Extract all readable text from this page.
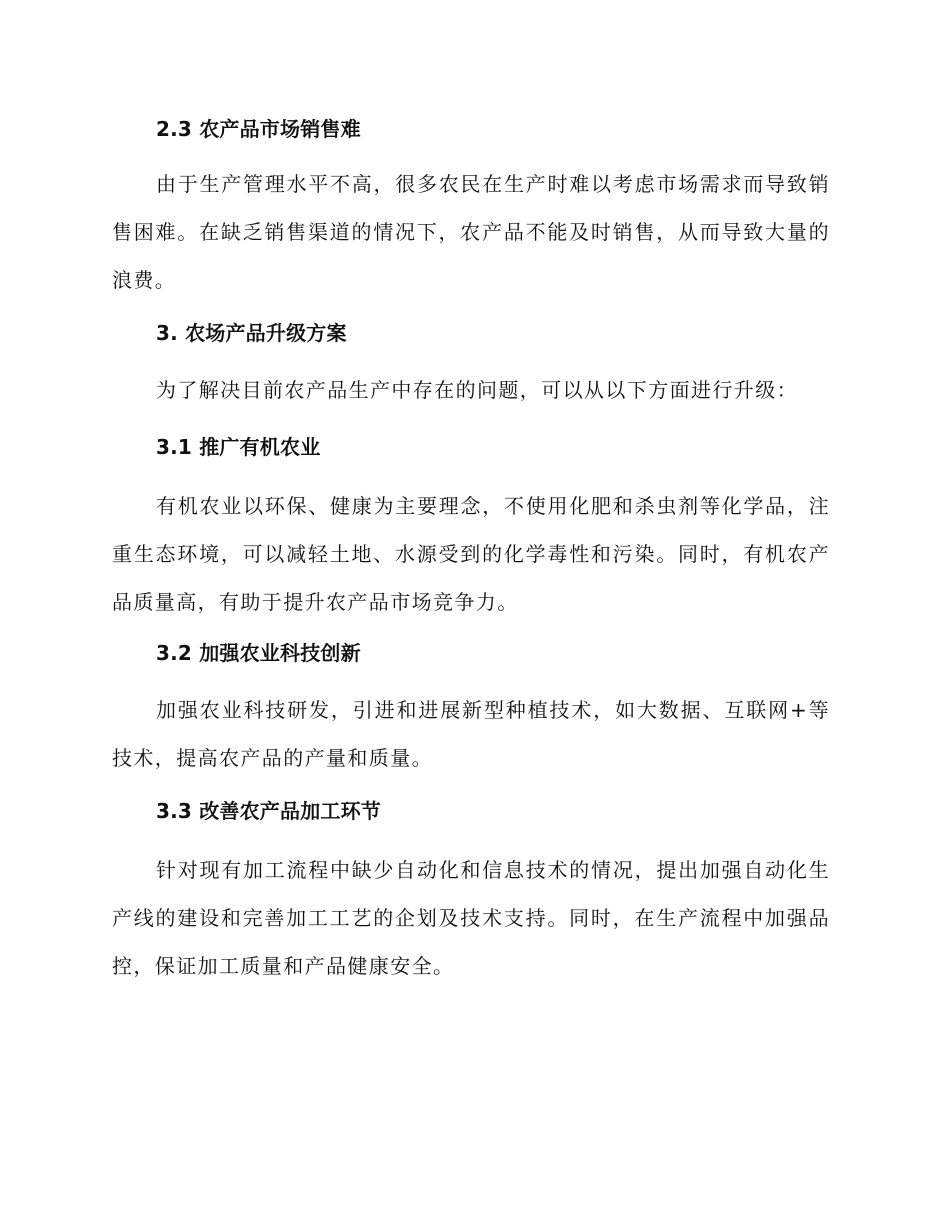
2.3 农产品市场销售难

由于生产管理水平不高，很多农民在生产时难以考虑市场需求而导致销售困难。在缺乏销售渠道的情况下，农产品不能及时销售，从而导致大量的浪费。

3. 农场产品升级方案

为了解决目前农产品生产中存在的问题，可以从以下方面进行升级：

3.1 推广有机农业

有机农业以环保、健康为主要理念，不使用化肥和杀虫剂等化学品，注重生态环境，可以减轻土地、水源受到的化学毒性和污染。同时，有机农产品质量高，有助于提升农产品市场竞争力。

3.2 加强农业科技创新

加强农业科技研发，引进和进展新型种植技术，如大数据、互联网+等技术，提高农产品的产量和质量。

3.3 改善农产品加工环节

针对现有加工流程中缺少自动化和信息技术的情况，提出加强自动化生产线的建设和完善加工工艺的企划及技术支持。同时，在生产流程中加强品控，保证加工质量和产品健康安全。
